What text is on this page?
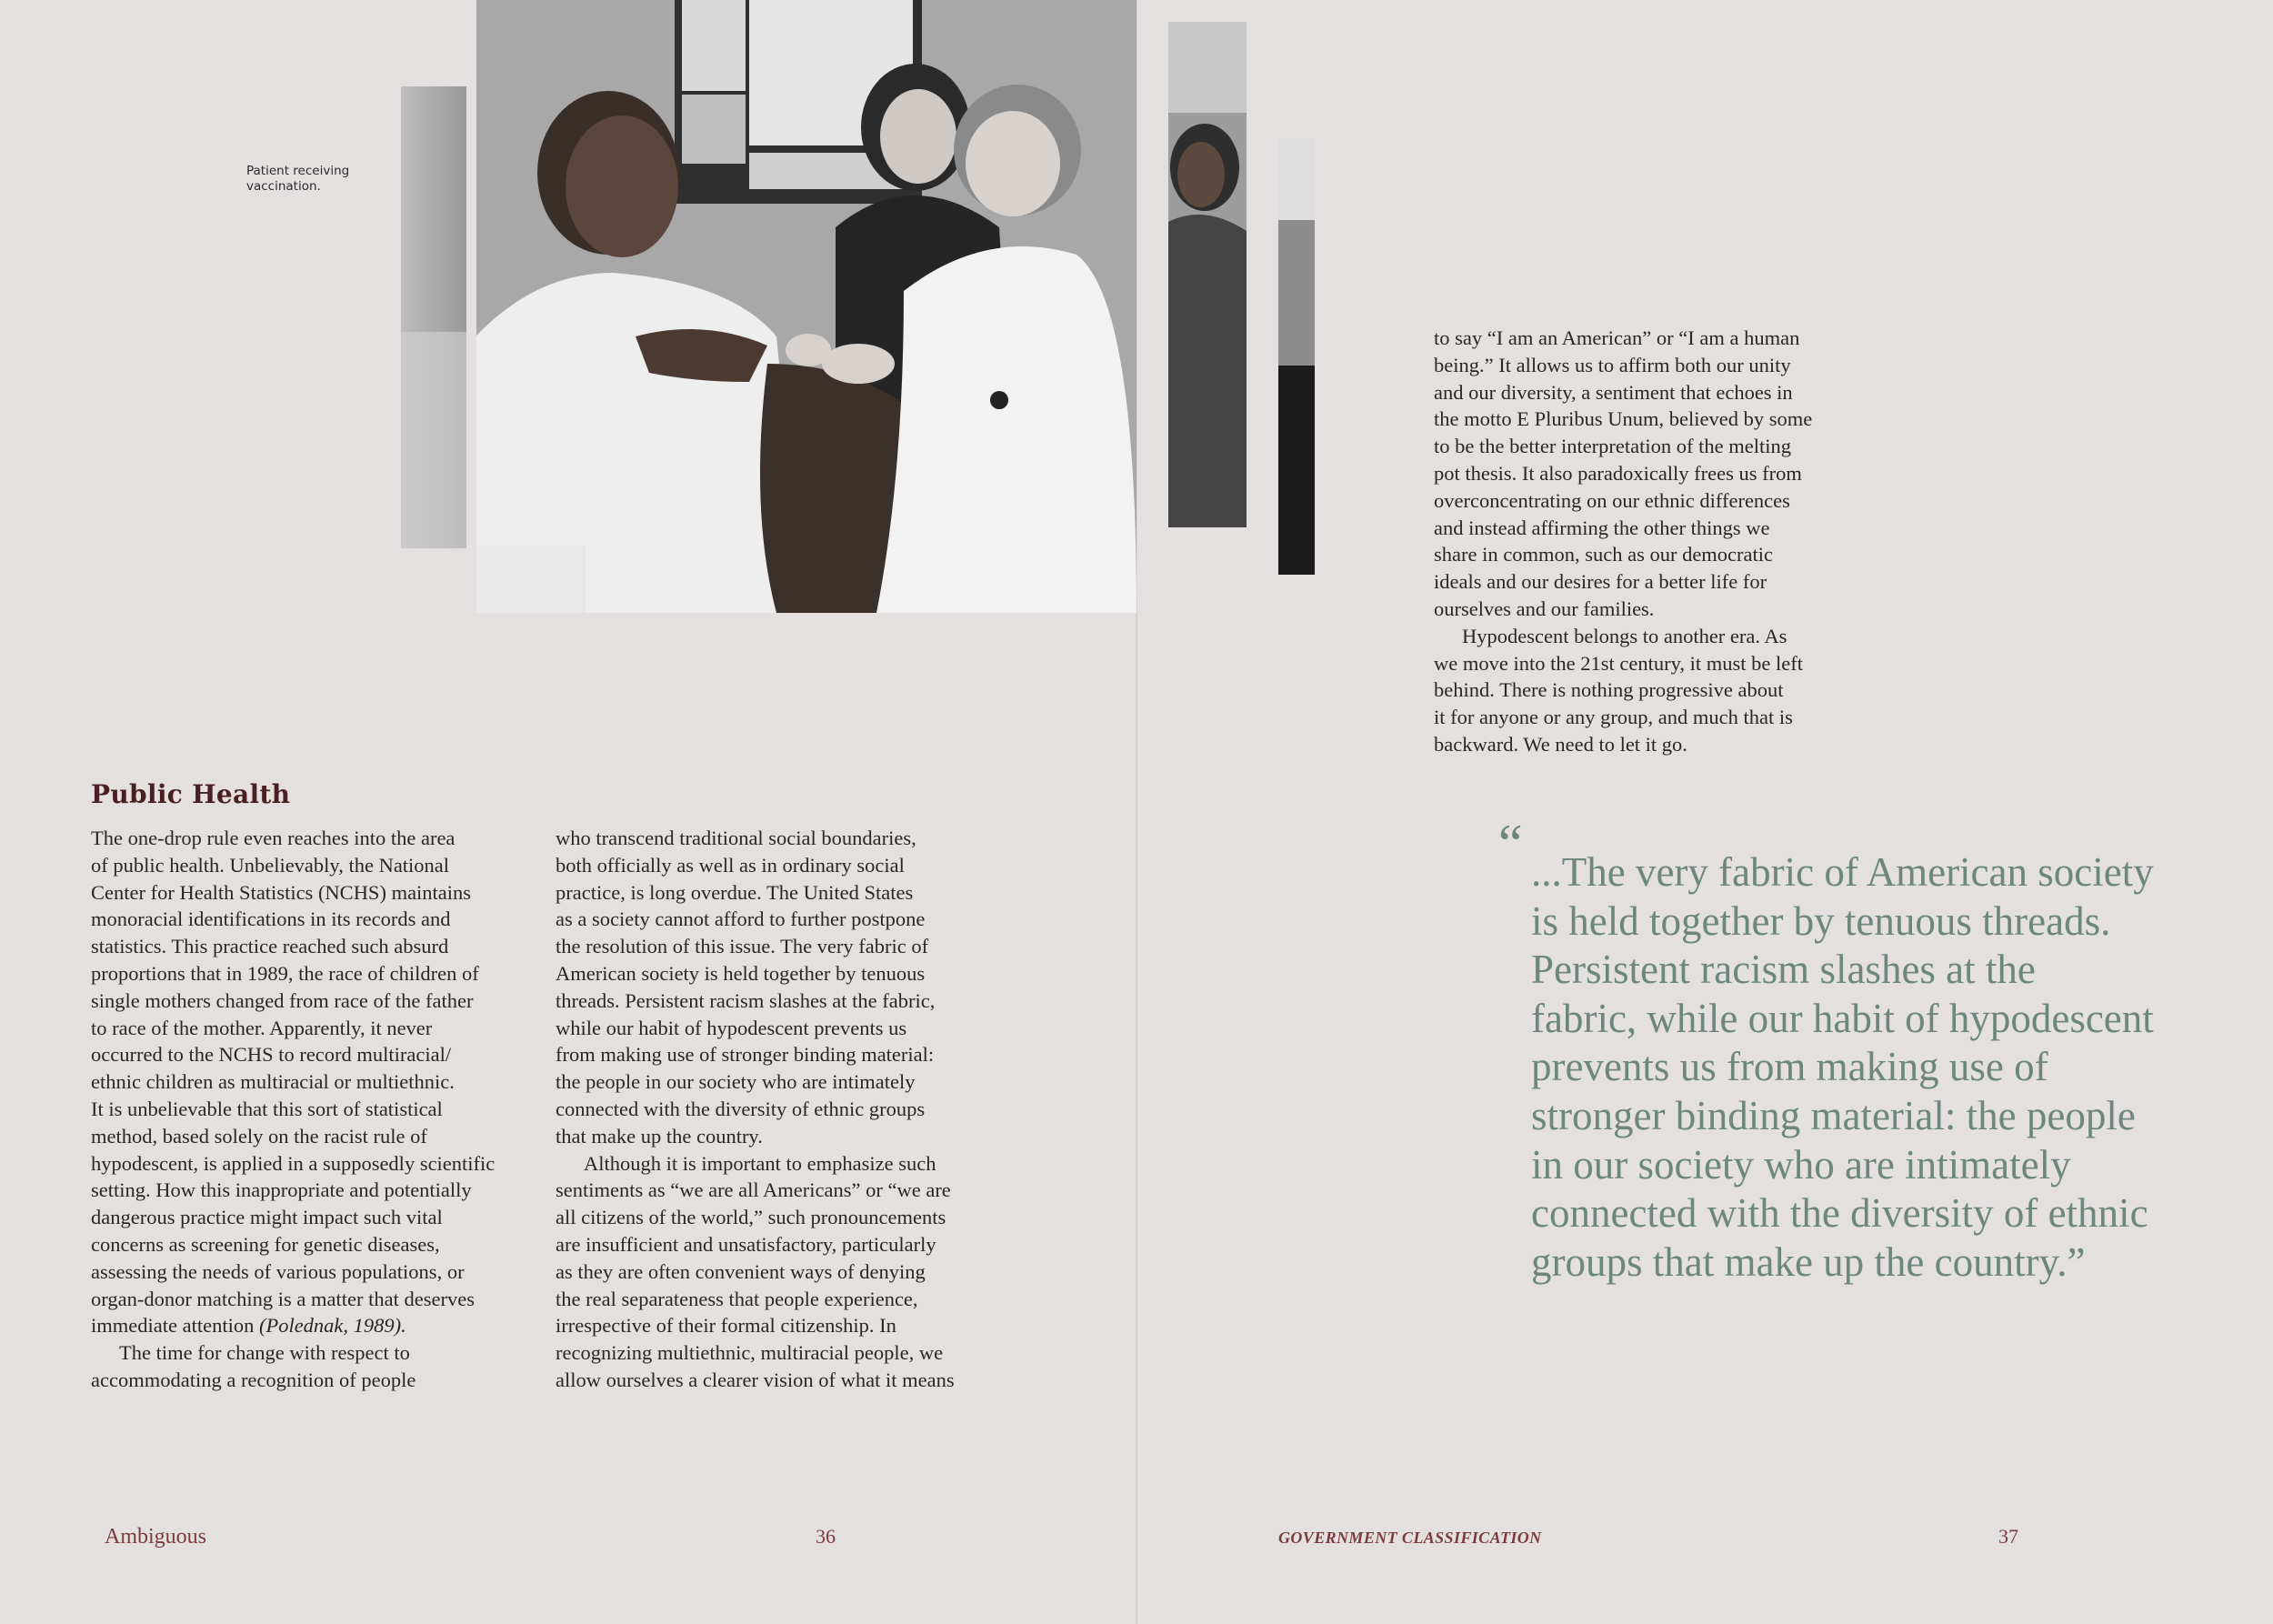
Patient receiving vaccination.
Public Health
The one-drop rule even reaches into the area
of public health. Unbelievably, the National
Center for Health Statistics (NCHS) maintains
monoracial identifications in its records and
statistics. This practice reached such absurd
proportions that in 1989, the race of children of
single mothers changed from race of the father
to race of the mother. Apparently, it never
occurred to the NCHS to record multiracial/
ethnic children as multiracial or multiethnic.
It is unbelievable that this sort of statistical
method, based solely on the racist rule of
hypodescent, is applied in a supposedly scientific
setting. How this inappropriate and potentially
dangerous practice might impact such vital
concerns as screening for genetic diseases,
assessing the needs of various populations, or
organ-donor matching is a matter that deserves
immediate attention (Polednak, 1989).
The time for change with respect to
accommodating a recognition of people
who transcend traditional social boundaries,
both officially as well as in ordinary social
practice, is long overdue. The United States
as a society cannot afford to further postpone
the resolution of this issue. The very fabric of
American society is held together by tenuous
threads. Persistent racism slashes at the fabric,
while our habit of hypodescent prevents us
from making use of stronger binding material:
the people in our society who are intimately
connected with the diversity of ethnic groups
that make up the country.
Although it is important to emphasize such
sentiments as “we are all Americans” or “we are
all citizens of the world,” such pronouncements
are insufficient and unsatisfactory, particularly
as they are often convenient ways of denying
the real separateness that people experience,
irrespective of their formal citizenship. In
recognizing multiethnic, multiracial people, we
allow ourselves a clearer vision of what it means
Ambiguous	36
to say “I am an American” or “I am a human
being.” It allows us to affirm both our unity
and our diversity, a sentiment that echoes in
the motto E Pluribus Unum, believed by some
to be the better interpretation of the melting
pot thesis. It also paradoxically frees us from
overconcentrating on our ethnic differences
and instead affirming the other things we
share in common, such as our democratic
ideals and our desires for a better life for
ourselves and our families.
Hypodescent belongs to another era. As
we move into the 21st century, it must be left
behind. There is nothing progressive about
it for anyone or any group, and much that is
backward. We need to let it go.
“ ...The very fabric of American society
is held together by tenuous threads.
Persistent racism slashes at the
fabric, while our habit of hypodescent
prevents us from making use of
stronger binding material: the people
in our society who are intimately
connected with the diversity of ethnic
groups that make up the country.”
GOVERNMENT CLASSIFICATION	37
